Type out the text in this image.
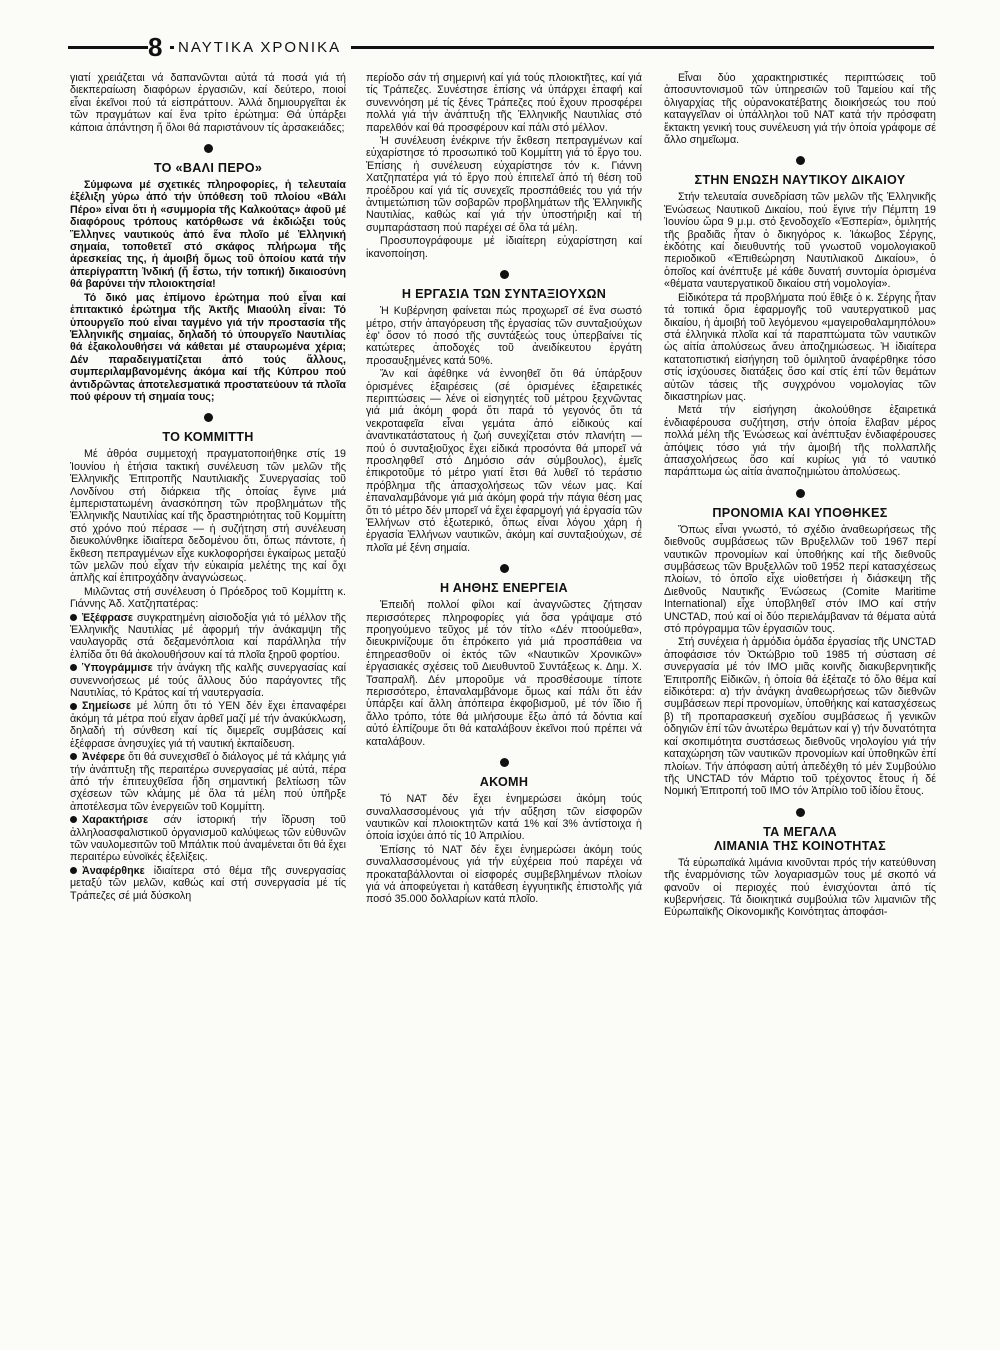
8	ΝΑΥΤΙΚΑ ΧΡΟΝΙΚΑ

γιατί χρειάζεται νά δαπανῶνται αὐτά τά ποσά γιά τή διεκπεραίωση διαφόρων ἐργασιῶν, καί δεύτερο, ποιοί εἶναι ἐκεῖνοι πού τά εἰσπράττουν. Ἀλλά δημιουργεῖται ἐκ τῶν πραγμάτων καί ἕνα τρίτο ἐρώτημα: Θά ὑπάρξει κάποια ἀπάντηση ἤ ὅλοι θά παριστάνουν τίς ἀρσακειάδες;

ΤΟ «ΒΑΛΙ ΠΕΡΟ»

Σύμφωνα μέ σχετικές πληροφορίες, ἡ τελευταία ἐξέλιξη γύρω ἀπό τήν ὑπόθεση τοῦ πλοίου «Βάλι Πέρο» εἶναι ὅτι ἡ «συμμορία τῆς Καλκούτας» ἀφοῦ μέ διαφόρους τρόπους κατόρθωσε νά ἐκδιώξει τούς Ἕλληνες ναυτικούς ἀπό ἕνα πλοῖο μέ Ἑλληνική σημαία, τοποθετεῖ στό σκάφος πλήρωμα τῆς ἀρεσκείας της, ἡ ἀμοιβή ὅμως τοῦ ὁποίου κατά τήν ἀπερίγραπτη Ἰνδική (ἤ ἔστω, τήν τοπική) δικαιοσύνη θά βαρύνει τήν πλοιοκτησία!

Τό δικό μας ἐπίμονο ἐρώτημα πού εἶναι καί ἐπιτακτικό ἐρώτημα τῆς Ἀκτῆς Μιαούλη εἶναι: Τό ὑπουργεῖο πού εἶναι ταγμένο γιά τήν προστασία τῆς Ἑλληνικῆς σημαίας, δηλαδή τό ὑπουργεῖο Ναυτιλίας θά ἐξακολουθήσει νά κάθεται μέ σταυρωμένα χέρια; Δέν παραδειγματίζεται ἀπό τούς ἄλλους, συμπεριλαμβανομένης ἀκόμα καί τῆς Κύπρου πού ἀντιδρῶντας ἀποτελεσματικά προστατεύουν τά πλοῖα πού φέρουν τή σημαία τους;

ΤΟ ΚΟΜΜΙΤΤΗ

Μέ ἀθρόα συμμετοχή πραγματοποιήθηκε στίς 19 Ἰουνίου ἡ ἐτήσια τακτική συνέλευση τῶν μελῶν τῆς Ἑλληνικῆς Ἐπιτροπῆς Ναυτιλιακῆς Συνεργασίας τοῦ Λονδίνου στή διάρκεια τῆς ὁποίας ἔγινε μιά ἐμπεριστατωμένη ἀνασκόπηση τῶν προβλημάτων τῆς Ἑλληνικῆς Ναυτιλίας καί τῆς δραστηριότητας τοῦ Κομμίττη στό χρόνο πού πέρασε — ἡ συζήτηση στή συνέλευση διευκολύνθηκε ἰδιαίτερα δεδομένου ὅτι, ὅπως πάντοτε, ἡ ἔκθεση πεπραγμένων εἶχε κυκλοφορήσει ἐγκαίρως μεταξύ τῶν μελῶν πού εἶχαν τήν εὐκαιρία μελέτης της καί ὅχι ἁπλῆς καί ἐπιτροχάδην ἀναγνώσεως.

Μιλῶντας στή συνέλευση ὁ Πρόεδρος τοῦ Κομμίττη κ. Γιάννης Ἀδ. Χατζηπατέρας:

Ἐξέφρασε συγκρατημένη αἰσιοδοξία γιά τό μέλλον τῆς Ἑλληνικῆς Ναυτιλίας μέ ἀφορμή τήν ἀνάκαμψη τῆς ναυλαγορᾶς στά δεξαμενόπλοια καί παράλληλα τήν ἐλπίδα ὅτι θά ἀκολουθήσουν καί τά πλοῖα ξηροῦ φορτίου.

Ὑπογράμμισε τήν ἀνάγκη τῆς καλῆς συνεργασίας καί συνεννοήσεως μέ τούς ἄλλους δύο παράγοντες τῆς Ναυτιλίας, τό Κράτος καί τή ναυτεργασία.

Σημείωσε μέ λύπη ὅτι τό ΥΕΝ δέν ἔχει ἐπαναφέρει ἀκόμη τά μέτρα πού εἶχαν ἀρθεῖ μαζί μέ τήν ἀνακύκλωση, δηλαδή τή σύνθεση καί τίς διμερεῖς συμβάσεις καί ἐξέφρασε ἀνησυχίες γιά τή ναυτική ἐκπαίδευση.

Ἀνέφερε ὅτι θά συνεχισθεῖ ὁ διάλογος μέ τά κλάμης γιά τήν ἀνάπτυξη τῆς περαιτέρω συνεργασίας μέ αὐτά, πέρα ἀπό τήν ἐπιτευχθεῖσα ἤδη σημαντική βελτίωση τῶν σχέσεων τῶν κλάμης μέ ὅλα τά μέλη πού ὑπῆρξε ἀποτέλεσμα τῶν ἐνεργειῶν τοῦ Κομμίττη.

Χαρακτήρισε σάν ἱστορική τήν ἵδρυση τοῦ ἀλληλοασφαλιστικοῦ ὀργανισμοῦ καλύψεως τῶν εὐθυνῶν τῶν ναυλομεσιτῶν τοῦ Μπάλτικ πού ἀναμένεται ὅτι θά ἔχει περαιτέρω εὐνοϊκές ἐξελίξεις.

Ἀναφέρθηκε ἰδιαίτερα στό θέμα τῆς συνεργασίας μεταξύ τῶν μελῶν, καθώς καί στή συνεργασία μέ τίς Τράπεζες σέ μιά δύσκολη

περίοδο σάν τή σημερινή καί γιά τούς πλοιοκτῆτες, καί γιά τίς Τράπεζες. Συνέστησε ἐπίσης νά ὑπάρχει ἐπαφή καί συνεννόηση μέ τίς ξένες Τράπεζες πού ἔχουν προσφέρει πολλά γιά τήν ἀνάπτυξη τῆς Ἑλληνικῆς Ναυτιλίας στό παρελθόν καί θά προσφέρουν καί πάλι στό μέλλον.

Ἡ συνέλευση ἐνέκρινε τήν ἔκθεση πεπραγμένων καί εὐχαρίστησε τό προσωπικό τοῦ Κομμίττη γιά τό ἔργο του. Ἐπίσης ἡ συνέλευση εὐχαρίστησε τόν κ. Γιάννη Χατζηπατέρα γιά τό ἔργο πού ἐπιτελεῖ ἀπό τή θέση τοῦ προέδρου καί γιά τίς συνεχεῖς προσπάθειές του γιά τήν ἀντιμετώπιση τῶν σοβαρῶν προβλημάτων τῆς Ἑλληνικῆς Ναυτιλίας, καθώς καί γιά τήν ὑποστήριξη καί τή συμπαράσταση πού παρέχει σέ ὅλα τά μέλη.

Προσυπογράφουμε μέ ἰδιαίτερη εὐχαρίστηση καί ἱκανοποίηση.

Η ΕΡΓΑΣΙΑ ΤΩΝ ΣΥΝΤΑΞΙΟΥΧΩΝ

Ἡ Κυβέρνηση φαίνεται πώς προχωρεῖ σέ ἕνα σωστό μέτρο, στήν ἀπαγόρευση τῆς ἐργασίας τῶν συνταξιούχων ἐφ' ὅσον τό ποσό τῆς συντάξεώς τους ὑπερβαίνει τίς κατώτερες ἀποδοχές τοῦ ἀνειδίκευτου ἐργάτη προσαυξημένες κατά 50%.

Ἄν καί ἀφέθηκε νά ἐννοηθεῖ ὅτι θά ὑπάρξουν ὁρισμένες ἐξαιρέσεις (σέ ὁρισμένες ἐξαιρετικές περιπτώσεις — λένε οἱ εἰσηγητές τοῦ μέτρου ξεχνῶντας γιά μιά ἀκόμη φορά ὅτι παρά τό γεγονός ὅτι τά νεκροταφεῖα εἶναι γεμάτα ἀπό εἰδικούς καί ἀναντικατάστατους ἡ ζωή συνεχίζεται στόν πλανήτη — πού ὁ συνταξιοῦχος ἔχει εἰδικά προσόντα θά μπορεῖ νά προσληφθεῖ στό Δημόσιο σάν σύμβουλος), ἐμεῖς ἐπικροτοῦμε τό μέτρο γιατί ἔτσι θά λυθεῖ τό τεράστιο πρόβλημα τῆς ἀπασχολήσεως τῶν νέων μας. Καί ἐπαναλαμβάνομε γιά μιά ἀκόμη φορά τήν πάγια θέση μας ὅτι τό μέτρο δέν μπορεῖ νά ἔχει ἐφαρμογή γιά ἐργασία τῶν Ἑλλήνων στό ἐξωτερικό, ὅπως εἶναι λόγου χάρη ἡ ἐργασία Ἑλλήνων ναυτικῶν, ἀκόμη καί συνταξιούχων, σέ πλοῖα μέ ξένη σημαία.

Η ΑΗΘΗΣ ΕΝΕΡΓΕΙΑ

Ἐπειδή πολλοί φίλοι καί ἀναγνῶστες ζήτησαν περισσότερες πληροφορίες γιά ὅσα γράψαμε στό προηγούμενο τεῦχος μέ τόν τίτλο «Δέν πτοούμεθα», διευκρινίζουμε ὅτι ἐπρόκειτο γιά μιά προσπάθεια να ἐπηρεασθοῦν οἱ ἐκτός τῶν «Ναυτικῶν Χρονικῶν» ἐργασιακές σχέσεις τοῦ Διευθυντοῦ Συντάξεως κ. Δημ. Χ. Τσαπραλῆ. Δέν μποροῦμε νά προσθέσουμε τίποτε περισσότερο, ἐπαναλαμβάνομε ὅμως καί πάλι ὅτι ἐάν ὑπάρξει καί ἄλλη ἀπόπειρα ἐκφοβισμοῦ, μέ τόν ἴδιο ἤ ἄλλο τρόπο, τότε θά μιλήσουμε ἔξω ἀπό τά δόντια καί αὐτό ἐλπίζουμε ὅτι θά καταλάβουν ἐκεῖνοι πού πρέπει νά καταλάβουν.

ΑΚΟΜΗ

Τό ΝΑΤ δέν ἔχει ἐνημερώσει ἀκόμη τούς συναλλασσομένους γιά τήν αὔξηση τῶν εἰσφορῶν ναυτικῶν καί πλοιοκτητῶν κατά 1% καί 3% ἀντίστοιχα ἡ ὁποία ἰσχύει ἀπό τίς 10 Ἀπριλίου.

Ἐπίσης τό ΝΑΤ δέν ἔχει ἐνημερώσει ἀκόμη τούς συναλλασσομένους γιά τήν εὐχέρεια πού παρέχει νά προκαταβάλλονται οἱ εἰσφορές συμβεβλημένων πλοίων γιά νά ἀποφεύγεται ἡ κατάθεση ἐγγυητικῆς ἐπιστολῆς γιά ποσό 35.000 δολλαρίων κατά πλοῖο.

Εἶναι δύο χαρακτηριστικές περιπτώσεις τοῦ ἀποσυντονισμοῦ τῶν ὑπηρεσιῶν τοῦ Ταμείου καί τῆς ὀλιγαρχίας τῆς οὐρανοκατέβατης διοικήσεώς του πού καταγγεῖλαν οἱ ὑπάλληλοι τοῦ ΝΑΤ κατά τήν πρόσφατη ἔκτακτη γενική τους συνέλευση γιά τήν ὁποία γράφομε σέ ἄλλο σημεῖωμα.

ΣΤΗΝ ΕΝΩΣΗ ΝΑΥΤΙΚΟΥ ΔΙΚΑΙΟΥ

Στήν τελευταία συνεδρίαση τῶν μελῶν τῆς Ἑλληνικῆς Ἑνώσεως Ναυτικοῦ Δικαίου, πού ἔγινε τήν Πέμπτη 19 Ἰουνίου ὥρα 9 μ.μ. στό ξενοδοχεῖο «Ἑσπερία», ὁμιλητής τῆς βραδιᾶς ἦταν ὁ δικηγόρος κ. Ἰάκωβος Σέργης, ἐκδότης καί διευθυντής τοῦ γνωστοῦ νομολογιακοῦ περιοδικοῦ «Ἐπιθεώρηση Ναυτιλιακοῦ Δικαίου», ὁ ὁποῖος καί ἀνέπτυξε μέ κάθε δυνατή συντομία ὁρισμένα «θέματα ναυτεργατικοῦ δικαίου στή νομολογία».

Εἰδικότερα τά προβλήματα πού ἔθιξε ὁ κ. Σέργης ἦταν τά τοπικά ὅρια ἐφαρμογῆς τοῦ ναυτεργατικοῦ μας δικαίου, ἡ ἀμοιβή τοῦ λεγόμενου «μαγειροθαλαμηπόλου» στά ἑλληνικά πλοῖα καί τά παραπτώματα τῶν ναυτικῶν ὡς αἰτία ἀπολύσεως ἄνευ ἀποζημιώσεως. Ἡ ἰδιαίτερα κατατοπιστική εἰσήγηση τοῦ ὁμιλητοῦ ἀναφέρθηκε τόσο στίς ἰσχύουσες διατάξεις ὅσο καί στίς ἐπί τῶν θεμάτων αὐτῶν τάσεις τῆς συγχρόνου νομολογίας τῶν δικαστηρίων μας.

Μετά τήν εἰσήγηση ἀκολούθησε ἐξαιρετικά ἐνδιαφέρουσα συζήτηση, στήν ὁποία ἔλαβαν μέρος πολλά μέλη τῆς Ἑνώσεως καί ἀνέπτυξαν ἐνδιαφέρουσες ἀπόψεις τόσο γιά τήν ἀμοιβή τῆς πολλαπλῆς ἀπασχολήσεως ὅσο καί κυρίως γιά τό ναυτικό παράπτωμα ὡς αἰτία ἀναποζημιώτου ἀπολύσεως.

ΠΡΟΝΟΜΙΑ ΚΑΙ ΥΠΟΘΗΚΕΣ

Ὅπως εἶναι γνωστό, τό σχέδιο ἀναθεωρήσεως τῆς διεθνοῦς συμβάσεως τῶν Βρυξελλῶν τοῦ 1967 περί ναυτικῶν προνομίων καί ὑποθήκης καί τῆς διεθνοῦς συμβάσεως τῶν Βρυξελλῶν τοῦ 1952 περί κατασχέσεως πλοίων, τό ὁποῖο εἶχε υἱοθετήσει ἡ διάσκεψη τῆς Διεθνοῦς Ναυτικῆς Ἑνώσεως (Comite Maritime International) εἶχε ὑποβληθεῖ στόν ΙΜΟ καί στήν UNCTAD, πού καί οἱ δύο περιελάμβαναν τά θέματα αὐτά στό πρόγραμμα τῶν ἐργασιῶν τους.

Στή συνέχεια ἡ ἁρμόδια ὁμάδα ἐργασίας τῆς UNCTAD ἀποφάσισε τόν Ὀκτώβριο τοῦ 1985 τή σύσταση σέ συνεργασία μέ τόν ΙΜΟ μιᾶς κοινῆς διακυβερνητικῆς Ἐπιτροπῆς Εἰδικῶν, ἡ ὁποία θά ἐξέταζε τό ὅλο θέμα καί εἰδικότερα: α) τήν ἀνάγκη ἀναθεωρήσεως τῶν διεθνῶν συμβάσεων περί προνομίων, ὑποθήκης καί κατασχέσεως β) τῆ προπαρασκευή σχεδίου συμβάσεως ἤ γενικῶν ὁδηγιῶν ἐπί τῶν ἀνωτέρω θεμάτων καί γ) τήν δυνατότητα καί σκοπιμότητα συστάσεως διεθνοῦς νηολογίου γιά τήν καταχώρηση τῶν ναυτικῶν προνομίων καί ὑποθηκῶν ἐπί πλοίων. Τήν ἀπόφαση αὐτή ἀπεδέχθη τό μέν Συμβούλιο τῆς UNCTAD τόν Μάρτιο τοῦ τρέχοντος ἔτους ἡ δέ Νομική Ἐπιτροπή τοῦ ΙΜΟ τόν Ἀπρίλιο τοῦ ἰδίου ἔτους.

ΤΑ ΜΕΓΑΛΑ
ΛΙΜΑΝΙΑ ΤΗΣ ΚΟΙΝΟΤΗΤΑΣ

Τά εὐρωπαϊκά λιμάνια κινοῦνται πρός τήν κατεύθυνση τῆς ἐναρμόνισης τῶν λογαριασμῶν τους μέ σκοπό νά φανοῦν οἱ περιοχές πού ἐνισχύονται ἀπό τίς κυβερνήσεις. Τά διοικητικά συμβούλια τῶν λιμανιῶν τῆς Εὐρωπαϊκῆς Οἰκονομικῆς Κοινότητας ἀποφάσι-
